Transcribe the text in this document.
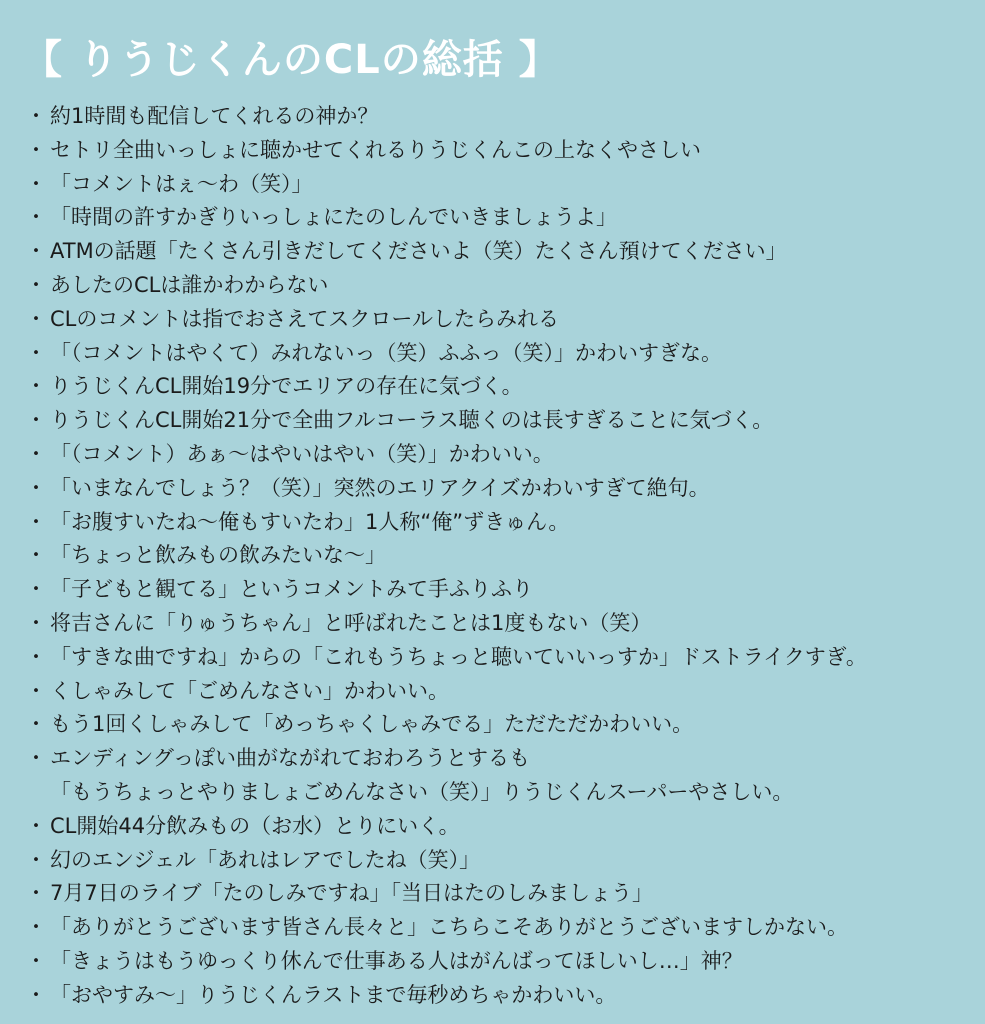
【 りうじくんのCLの総括 】
・ 約1時間も配信してくれるの神か？
・ セトリ全曲いっしょに聴かせてくれるりうじくんこの上なくやさしい
・ 「コメントはぇ〜わ（笑）」
・ 「時間の許すかぎりいっしょにたのしんでいきましょうよ」
・ ATMの話題「たくさん引きだしてくださいよ（笑）たくさん預けてください」
・ あしたのCLは誰かわからない
・ CLのコメントは指でおさえてスクロールしたらみれる
・ 「（コメントはやくて）みれないっ（笑）ふふっ（笑）」かわいすぎな。
・ りうじくんCL開始19分でエリアの存在に気づく。
・ りうじくんCL開始21分で全曲フルコーラス聴くのは長すぎることに気づく。
・ 「（コメント）あぁ〜はやいはやい（笑）」かわいい。
・ 「いまなんでしょう？（笑）」突然のエリアクイズかわいすぎて絶句。
・ 「お腹すいたね〜俺もすいたわ」1人称“俺”ずきゅん。
・ 「ちょっと飲みもの飲みたいな〜」
・ 「子どもと観てる」というコメントみて手ふりふり
・ 将吉さんに「りゅうちゃん」と呼ばれたことは1度もない（笑）
・ 「すきな曲ですね」からの「これもうちょっと聴いていいっすか」ドストライクすぎ。
・ くしゃみして「ごめんなさい」かわいい。
・ もう1回くしゃみして「めっちゃくしゃみでる」ただただかわいい。
・ エンディングっぽい曲がながれておわろうとするも
「もうちょっとやりましょごめんなさい（笑）」りうじくんスーパーやさしい。
・ CL開始44分飲みもの（お水）とりにいく。
・ 幻のエンジェル「あれはレアでしたね（笑）」
・ 7月7日のライブ「たのしみですね」「当日はたのしみましょう」
・ 「ありがとうございます皆さん長々と」こちらこそありがとうございますしかない。
・ 「きょうはもうゆっくり休んで仕事ある人はがんばってほしいし…」神？
・ 「おやすみ〜」りうじくんラストまで毎秒めちゃかわいい。
